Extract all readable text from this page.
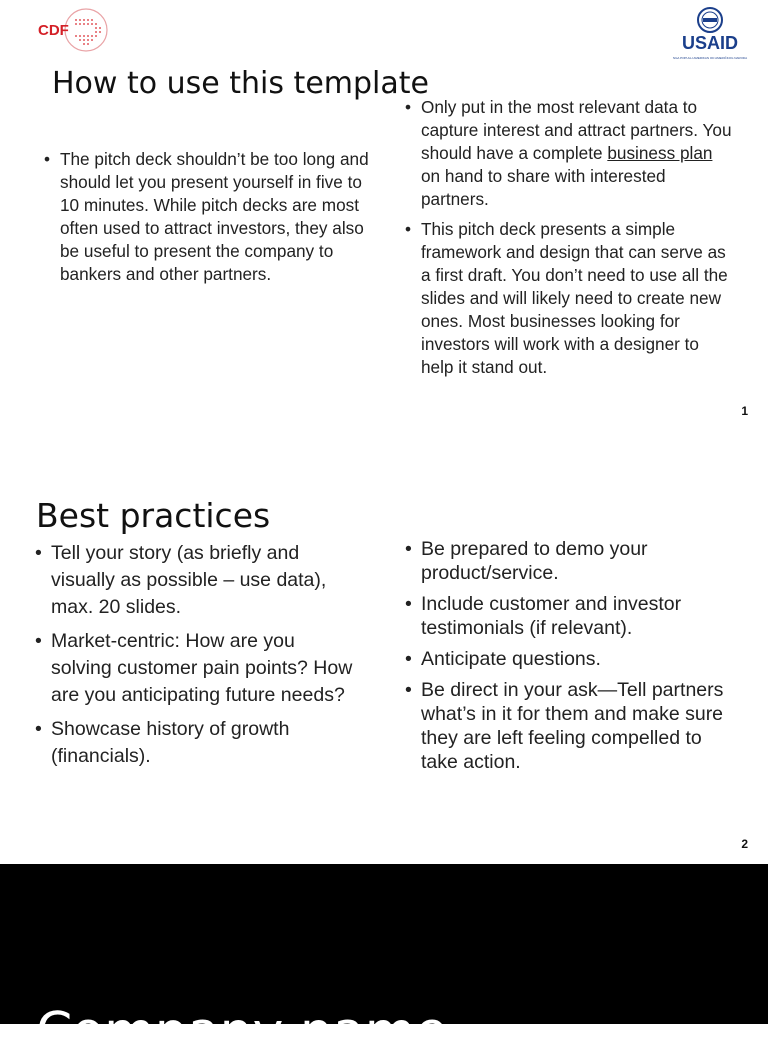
CDF
USAID
NGA POPULLI AMERIKAN OD AMERIČKOG NARODA
How to use this template
• The pitch deck shouldn’t be too long and should let you present yourself in five to 10 minutes. While pitch decks are most often used to attract investors, they also be useful to present the company to bankers and other partners.
• Only put in the most relevant data to capture interest and attract partners. You should have a complete business plan on hand to share with interested partners.
• This pitch deck presents a simple framework and design that can serve as a first draft. You don’t need to use all the slides and will likely need to create new ones. Most businesses looking for investors will work with a designer to help it stand out.
1
Best practices
• Tell your story (as briefly and visually as possible – use data), max. 20 slides.
• Market-centric: How are you solving customer pain points? How are you anticipating future needs?
• Showcase history of growth (financials).
• Be prepared to demo your product/service.
• Include customer and investor testimonials (if relevant).
• Anticipate questions.
• Be direct in your ask—Tell partners what’s in it for them and make sure they are left feeling compelled to take action.
2
Company name
